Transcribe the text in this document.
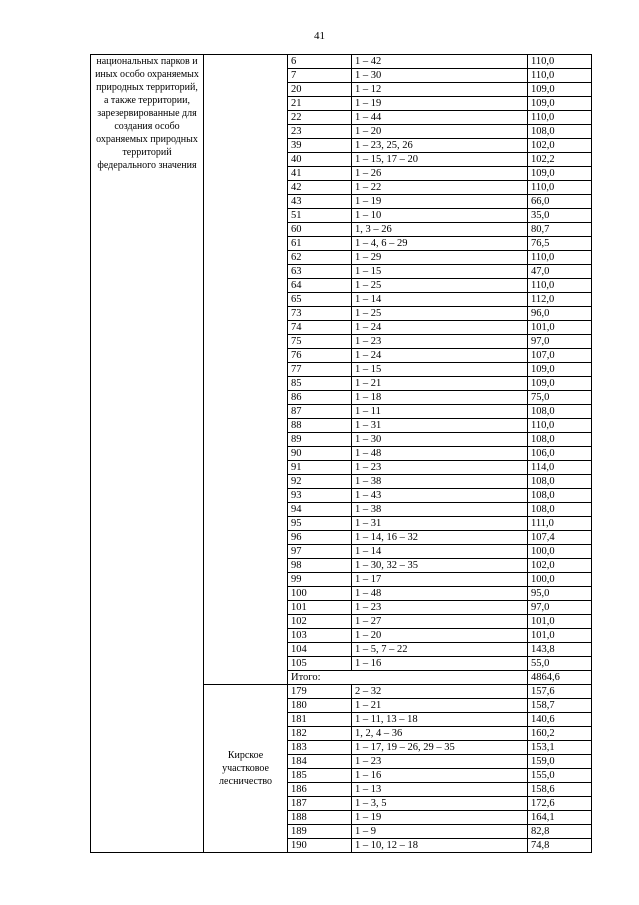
41
национальных парков и иных особо охраняемых природных территорий, а также территории, зарезервированные для создания особо охраняемых природных территорий федерального значения		6	1 – 42	110,0
		7	1 – 30	110,0
		20	1 – 12	109,0
		21	1 – 19	109,0
		22	1 – 44	110,0
		23	1 – 20	108,0
		39	1 – 23, 25, 26	102,0
		40	1 – 15, 17 – 20	102,2
		41	1 – 26	109,0
		42	1 – 22	110,0
		43	1 – 19	66,0
		51	1 – 10	35,0
		60	1, 3 – 26	80,7
		61	1 – 4, 6 – 29	76,5
		62	1 – 29	110,0
		63	1 – 15	47,0
		64	1 – 25	110,0
		65	1 – 14	112,0
		73	1 – 25	96,0
		74	1 – 24	101,0
		75	1 – 23	97,0
		76	1 – 24	107,0
		77	1 – 15	109,0
		85	1 – 21	109,0
		86	1 – 18	75,0
		87	1 – 11	108,0
		88	1 – 31	110,0
		89	1 – 30	108,0
		90	1 – 48	106,0
		91	1 – 23	114,0
		92	1 – 38	108,0
		93	1 – 43	108,0
		94	1 – 38	108,0
		95	1 – 31	111,0
		96	1 – 14, 16 – 32	107,4
		97	1 – 14	100,0
		98	1 – 30, 32 – 35	102,0
		99	1 – 17	100,0
		100	1 – 48	95,0
		101	1 – 23	97,0
		102	1 – 27	101,0
		103	1 – 20	101,0
		104	1 – 5, 7 – 22	143,8
		105	1 – 16	55,0
		Итого:		4864,6
	Кирское участковое лесничество	179	2 – 32	157,6
		180	1 – 21	158,7
		181	1 – 11, 13 – 18	140,6
		182	1, 2, 4 – 36	160,2
		183	1 – 17, 19 – 26, 29 – 35	153,1
		184	1 – 23	159,0
		185	1 – 16	155,0
		186	1 – 13	158,6
		187	1 – 3, 5	172,6
		188	1 – 19	164,1
		189	1 – 9	82,8
		190	1 – 10, 12 – 18	74,8
